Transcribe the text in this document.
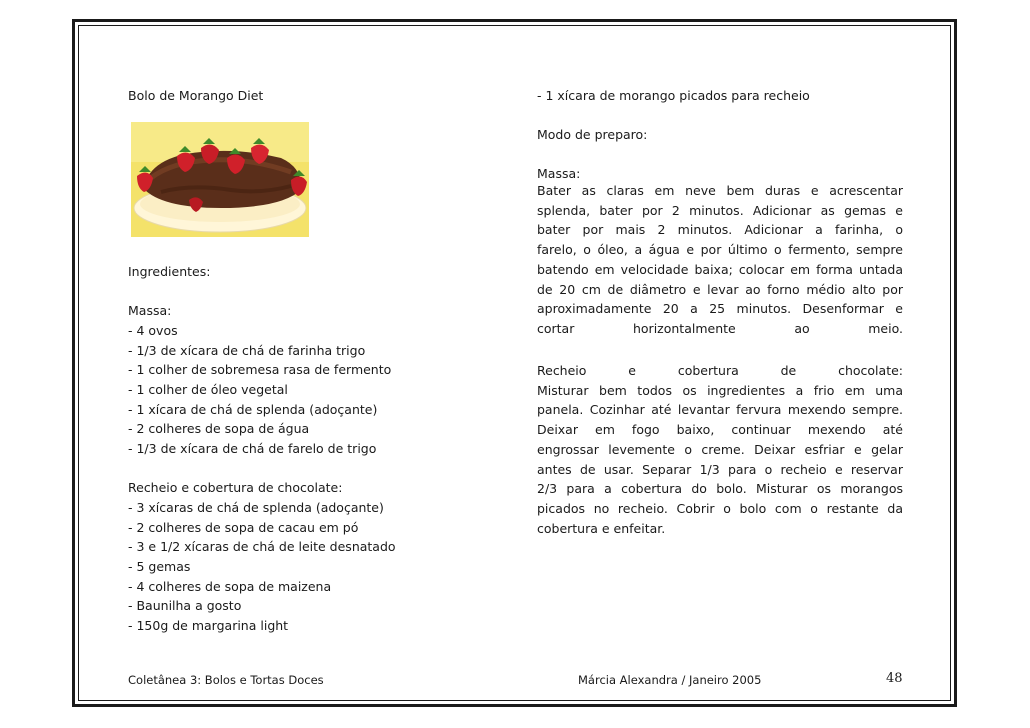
Bolo de Morango Diet
Ingredientes:
Massa:
- 4 ovos
- 1/3 de xícara de chá de farinha trigo
- 1 colher de sobremesa rasa de fermento
- 1 colher de óleo vegetal
- 1 xícara de chá de splenda (adoçante)
- 2 colheres de sopa de água
- 1/3 de xícara de chá de farelo de trigo
Recheio e cobertura de chocolate:
- 3 xícaras de chá de splenda (adoçante)
- 2 colheres de sopa de cacau em pó
- 3 e 1/2 xícaras de chá de leite desnatado
- 5 gemas
- 4 colheres de sopa de maizena
- Baunilha a gosto
- 150g de margarina light
- 1 xícara de morango picados para recheio
Modo de preparo:
Massa:
Bater as claras em neve bem duras e acrescentar
splenda, bater por 2 minutos. Adicionar as gemas e
bater por mais 2 minutos. Adicionar a farinha, o
farelo, o óleo, a água e por último o fermento, sempre
batendo em velocidade baixa; colocar em forma untada
de 20 cm de diâmetro e levar ao forno médio alto por
aproximadamente 20 a 25 minutos. Desenformar e
cortar horizontalmente ao meio.
Recheio e cobertura de chocolate:
Misturar bem todos os ingredientes a frio em uma
panela. Cozinhar até levantar fervura mexendo sempre.
Deixar em fogo baixo, continuar mexendo até
engrossar levemente o creme. Deixar esfriar e gelar
antes de usar. Separar 1/3 para o recheio e reservar
2/3 para a cobertura do bolo. Misturar os morangos
picados no recheio. Cobrir o bolo com o restante da
cobertura e enfeitar.
Coletânea 3: Bolos e Tortas Doces	Márcia Alexandra / Janeiro 2005	48
